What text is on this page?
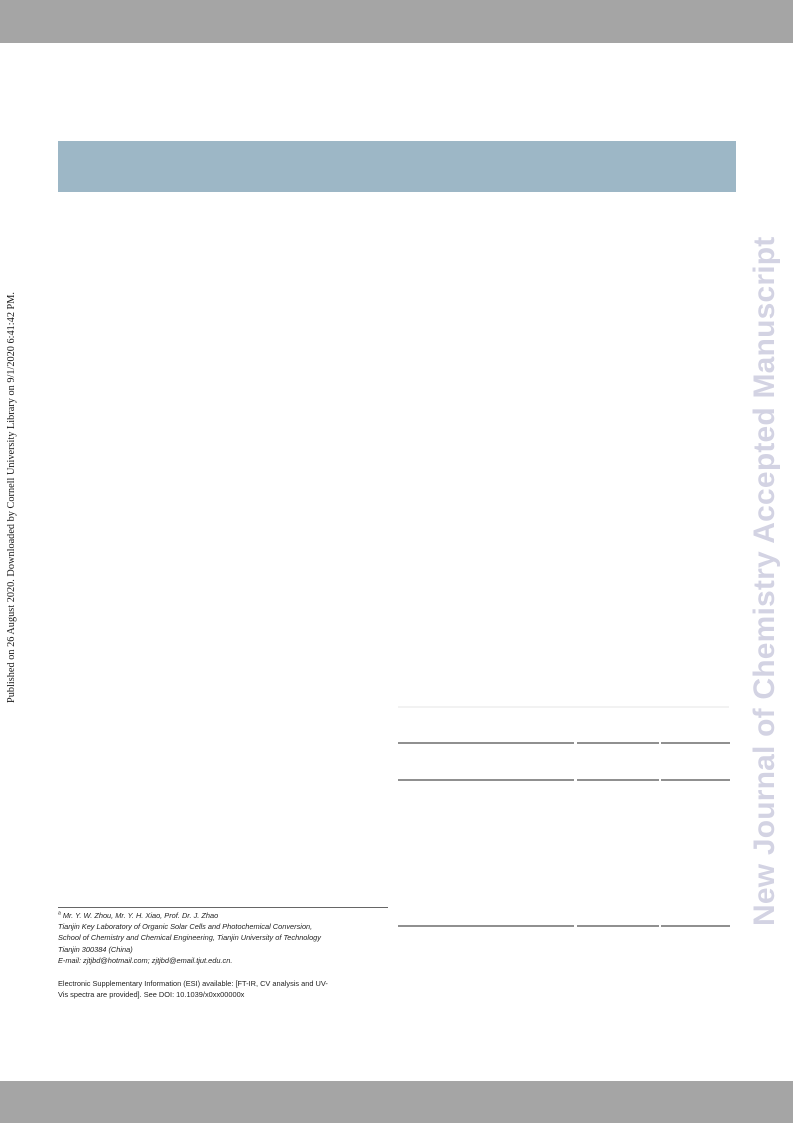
Published on 26 August 2020. Downloaded by Cornell University Library on 9/1/2020 6:41:42 PM.	New Journal of Chemistry Accepted Manuscript
$^a$ Mr. Y. W. Zhou, Mr. Y. H. Xiao, Prof. Dr. J. Zhao
Tianjin Key Laboratory of Organic Solar Cells and Photochemical Conversion,
School of Chemistry and Chemical Engineering, Tianjin University of Technology
Tianjin 300384 (China)
E-mail: zjtjbd@hotmail.com; zjtjbd@email.tjut.edu.cn.
Electronic Supplementary Information (ESI) available: [FT-IR, CV analysis and UV-
Vis spectra are provided]. See DOI: 10.1039/x0xx00000x
